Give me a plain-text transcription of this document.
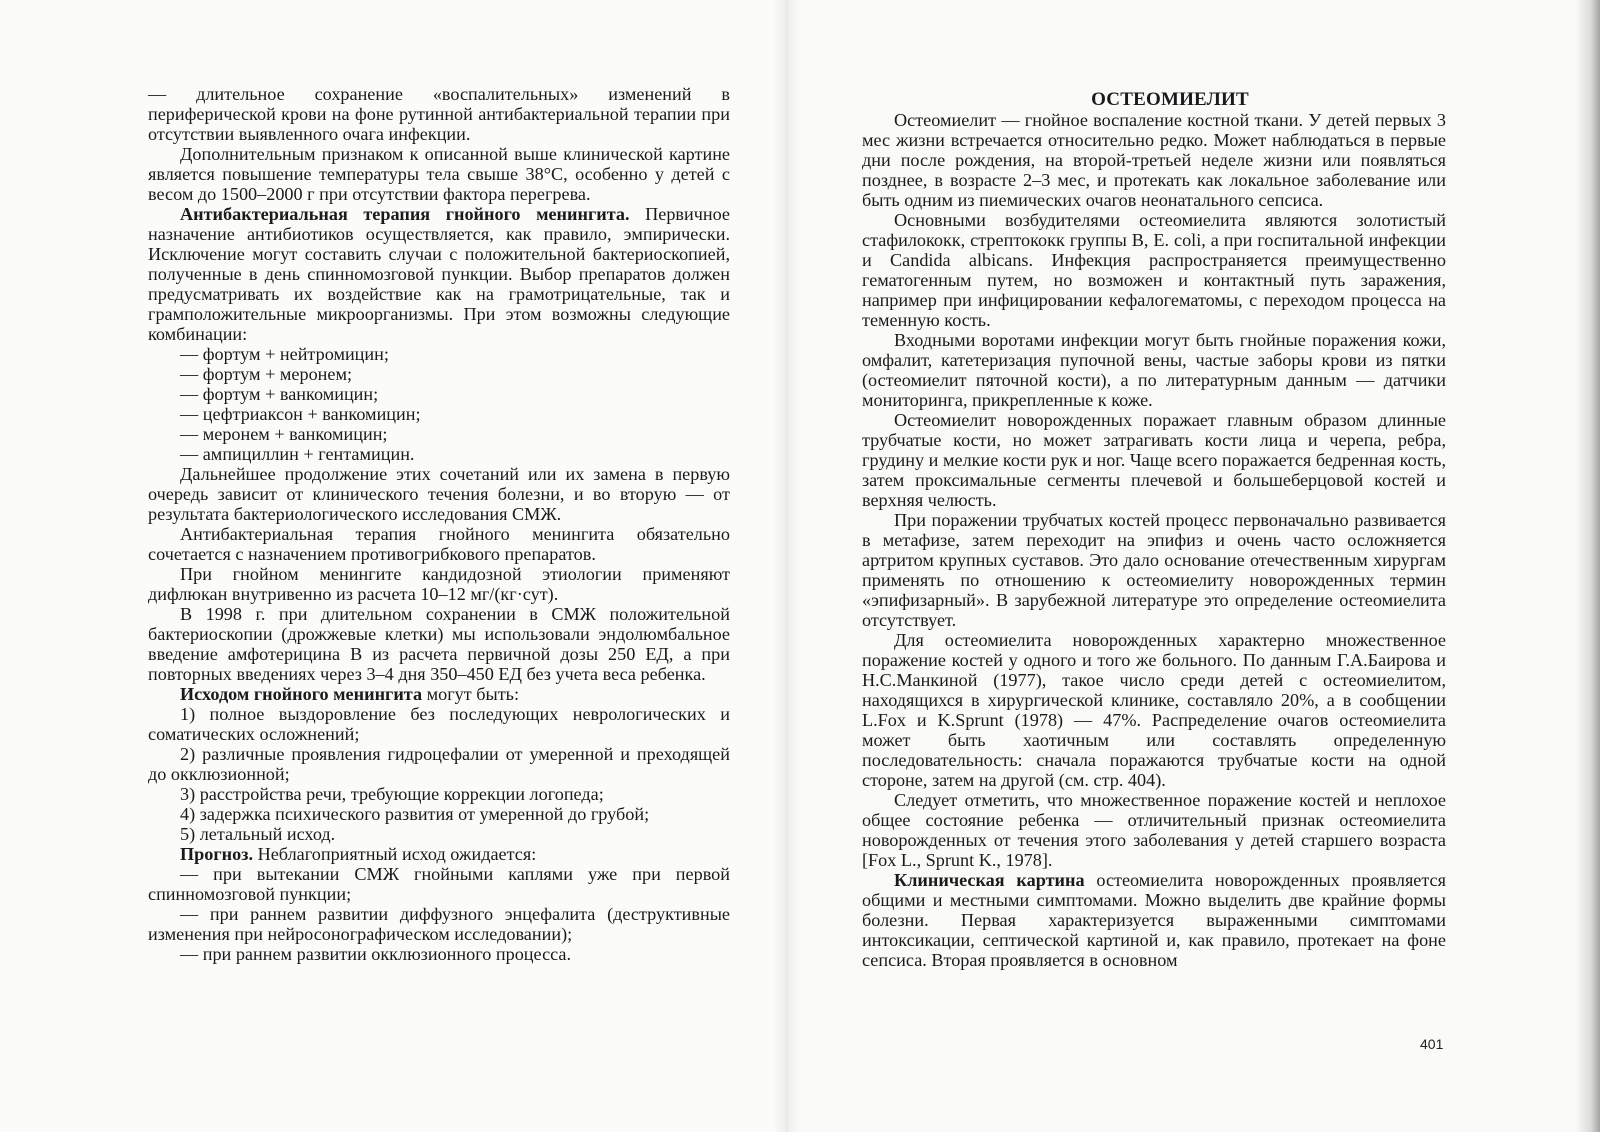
— длительное сохранение «воспалительных» изменений в периферической крови на фоне рутинной антибактериальной терапии при отсутствии выявленного очага инфекции.

Дополнительным признаком к описанной выше клинической картине является повышение температуры тела свыше 38°С, особенно у детей с весом до 1500–2000 г при отсутствии фактора перегрева.

Антибактериальная терапия гнойного менингита. Первичное назначение антибиотиков осуществляется, как правило, эмпирически. Исключение могут составить случаи с положительной бактериоскопией, полученные в день спинномозговой пункции. Выбор препаратов должен предусматривать их воздействие как на грамотрицательные, так и грамположительные микроорганизмы. При этом возможны следующие комбинации:

— фортум + нейтромицин;

— фортум + меронем;

— фортум + ванкомицин;

— цефтриаксон + ванкомицин;

— меронем + ванкомицин;

— ампициллин + гентамицин.

Дальнейшее продолжение этих сочетаний или их замена в первую очередь зависит от клинического течения болезни, и во вторую — от результата бактериологического исследования СМЖ.

Антибактериальная терапия гнойного менингита обязательно сочетается с назначением противогрибкового препаратов.

При гнойном менингите кандидозной этиологии применяют дифлюкан внутривенно из расчета 10–12 мг/(кг·сут).

В 1998 г. при длительном сохранении в СМЖ положительной бактериоскопии (дрожжевые клетки) мы использовали эндолюмбальное введение амфотерицина В из расчета первичной дозы 250 ЕД, а при повторных введениях через 3–4 дня 350–450 ЕД без учета веса ребенка.

Исходом гнойного менингита могут быть:

1) полное выздоровление без последующих неврологических и соматических осложнений;

2) различные проявления гидроцефалии от умеренной и преходящей до окклюзионной;

3) расстройства речи, требующие коррекции логопеда;

4) задержка психического развития от умеренной до грубой;

5) летальный исход.

Прогноз. Неблагоприятный исход ожидается:

— при вытекании СМЖ гнойными каплями уже при первой спинномозговой пункции;

— при раннем развитии диффузного энцефалита (деструктивные изменения при нейросонографическом исследовании);

— при раннем развитии окклюзионного процесса.

ОСТЕОМИЕЛИТ

Остеомиелит — гнойное воспаление костной ткани. У детей первых 3 мес жизни встречается относительно редко. Может наблюдаться в первые дни после рождения, на второй-третьей неделе жизни или появляться позднее, в возрасте 2–3 мес, и протекать как локальное заболевание или быть одним из пиемических очагов неонатального сепсиса.

Основными возбудителями остеомиелита являются золотистый стафилококк, стрептококк группы В, E. coli, а при госпитальной инфекции и Candida albicans. Инфекция распространяется преимущественно гематогенным путем, но возможен и контактный путь заражения, например при инфицировании кефалогематомы, с переходом процесса на теменную кость.

Входными воротами инфекции могут быть гнойные поражения кожи, омфалит, катетеризация пупочной вены, частые заборы крови из пятки (остеомиелит пяточной кости), а по литературным данным — датчики мониторинга, прикрепленные к коже.

Остеомиелит новорожденных поражает главным образом длинные трубчатые кости, но может затрагивать кости лица и черепа, ребра, грудину и мелкие кости рук и ног. Чаще всего поражается бедренная кость, затем проксимальные сегменты плечевой и большеберцовой костей и верхняя челюсть.

При поражении трубчатых костей процесс первоначально развивается в метафизе, затем переходит на эпифиз и очень часто осложняется артритом крупных суставов. Это дало основание отечественным хирургам применять по отношению к остеомиелиту новорожденных термин «эпифизарный». В зарубежной литературе это определение остеомиелита отсутствует.

Для остеомиелита новорожденных характерно множественное поражение костей у одного и того же больного. По данным Г.А.Баирова и Н.С.Манкиной (1977), такое число среди детей с остеомиелитом, находящихся в хирургической клинике, составляло 20%, а в сообщении L.Fox и K.Sprunt (1978) — 47%. Распределение очагов остеомиелита может быть хаотичным или составлять определенную последовательность: сначала поражаются трубчатые кости на одной стороне, затем на другой (см. стр. 404).

Следует отметить, что множественное поражение костей и неплохое общее состояние ребенка — отличительный признак остеомиелита новорожденных от течения этого заболевания у детей старшего возраста [Fox L., Sprunt K., 1978].

Клиническая картина остеомиелита новорожденных проявляется общими и местными симптомами. Можно выделить две крайние формы болезни. Первая характеризуется выраженными симптомами интоксикации, септической картиной и, как правило, протекает на фоне сепсиса. Вторая проявляется в основном

401
